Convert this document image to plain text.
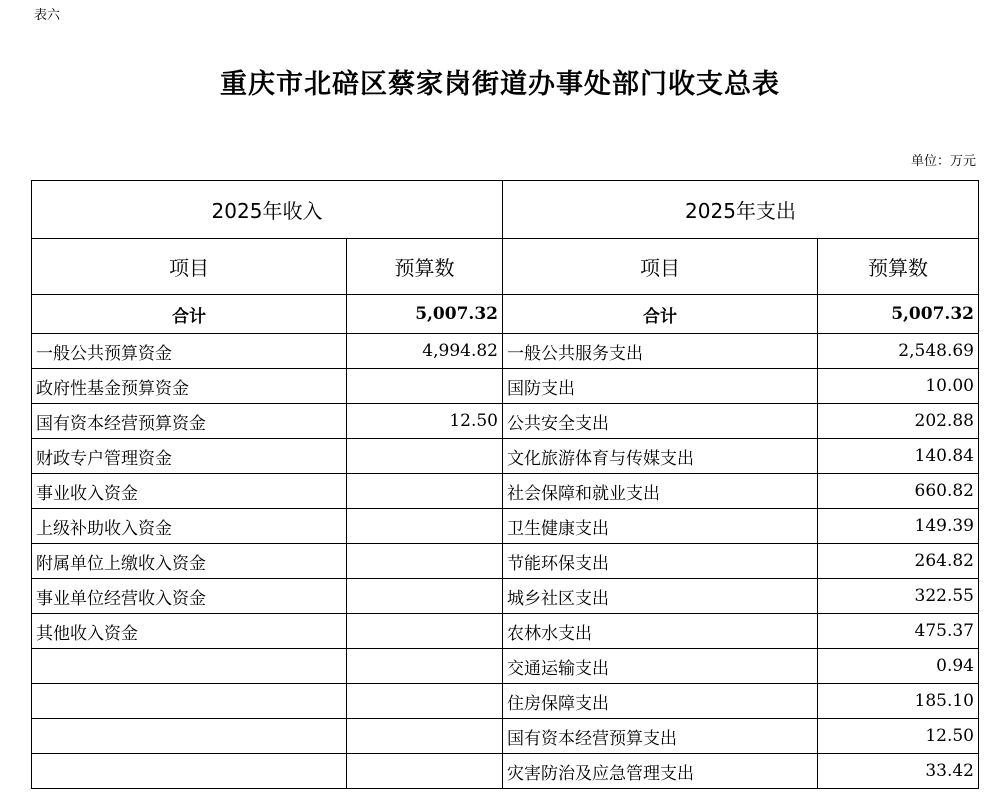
表六
重庆市北碚区蔡家岗街道办事处部门收支总表
单位：万元
2025年收入		2025年支出	
项目	预算数	项目	预算数
合计	5,007.32	合计	5,007.32
一般公共预算资金	4,994.82	一般公共服务支出	2,548.69
政府性基金预算资金		国防支出	10.00
国有资本经营预算资金	12.50	公共安全支出	202.88
财政专户管理资金		文化旅游体育与传媒支出	140.84
事业收入资金		社会保障和就业支出	660.82
上级补助收入资金		卫生健康支出	149.39
附属单位上缴收入资金		节能环保支出	264.82
事业单位经营收入资金		城乡社区支出	322.55
其他收入资金		农林水支出	475.37
		交通运输支出	0.94
		住房保障支出	185.10
		国有资本经营预算支出	12.50
		灾害防治及应急管理支出	33.42
